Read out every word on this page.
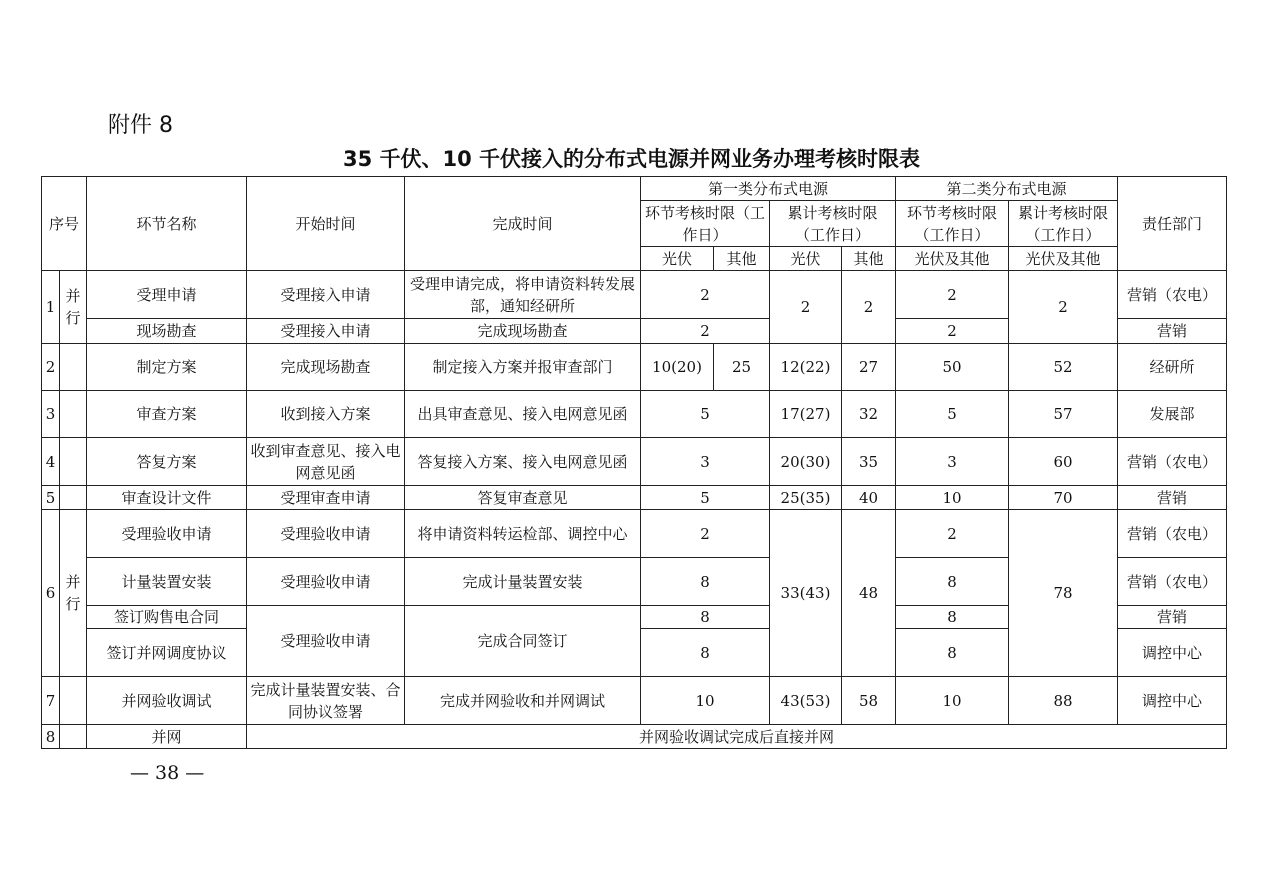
附件 8
35 千伏、10 千伏接入的分布式电源并网业务办理考核时限表
序号		环节名称	开始时间	完成时间	第一类分布式电源				第二类分布式电源		责任部门
					环节考核时限（工作日）		累计考核时限（工作日）		环节考核时限（工作日）	累计考核时限（工作日）	
					光伏	其他	光伏	其他	光伏及其他	光伏及其他	
1	并行	受理申请	受理接入申请	受理申请完成，将申请资料转发展部，通知经研所	2		2	2	2	2	营销（农电）
		现场勘查	受理接入申请	完成现场勘查	2				2		营销
2		制定方案	完成现场勘查	制定接入方案并报审查部门	10(20)	25	12(22)	27	50	52	经研所
3		审查方案	收到接入方案	出具审查意见、接入电网意见函	5		17(27)	32	5	57	发展部
4		答复方案	收到审查意见、接入电网意见函	答复接入方案、接入电网意见函	3		20(30)	35	3	60	营销（农电）
5		审查设计文件	受理审查申请	答复审查意见	5		25(35)	40	10	70	营销
6	并行	受理验收申请	受理验收申请	将申请资料转运检部、调控中心	2		33(43)	48	2	78	营销（农电）
		计量装置安装	受理验收申请	完成计量装置安装	8				8		营销（农电）
		签订购售电合同	受理验收申请	完成合同签订	8				8		营销
		签订并网调度协议			8				8		调控中心
7		并网验收调试	完成计量装置安装、合同协议签署	完成并网验收和并网调试	10		43(53)	58	10	88	调控中心
8		并网	并网验收调试完成后直接并网								
— 38 —
